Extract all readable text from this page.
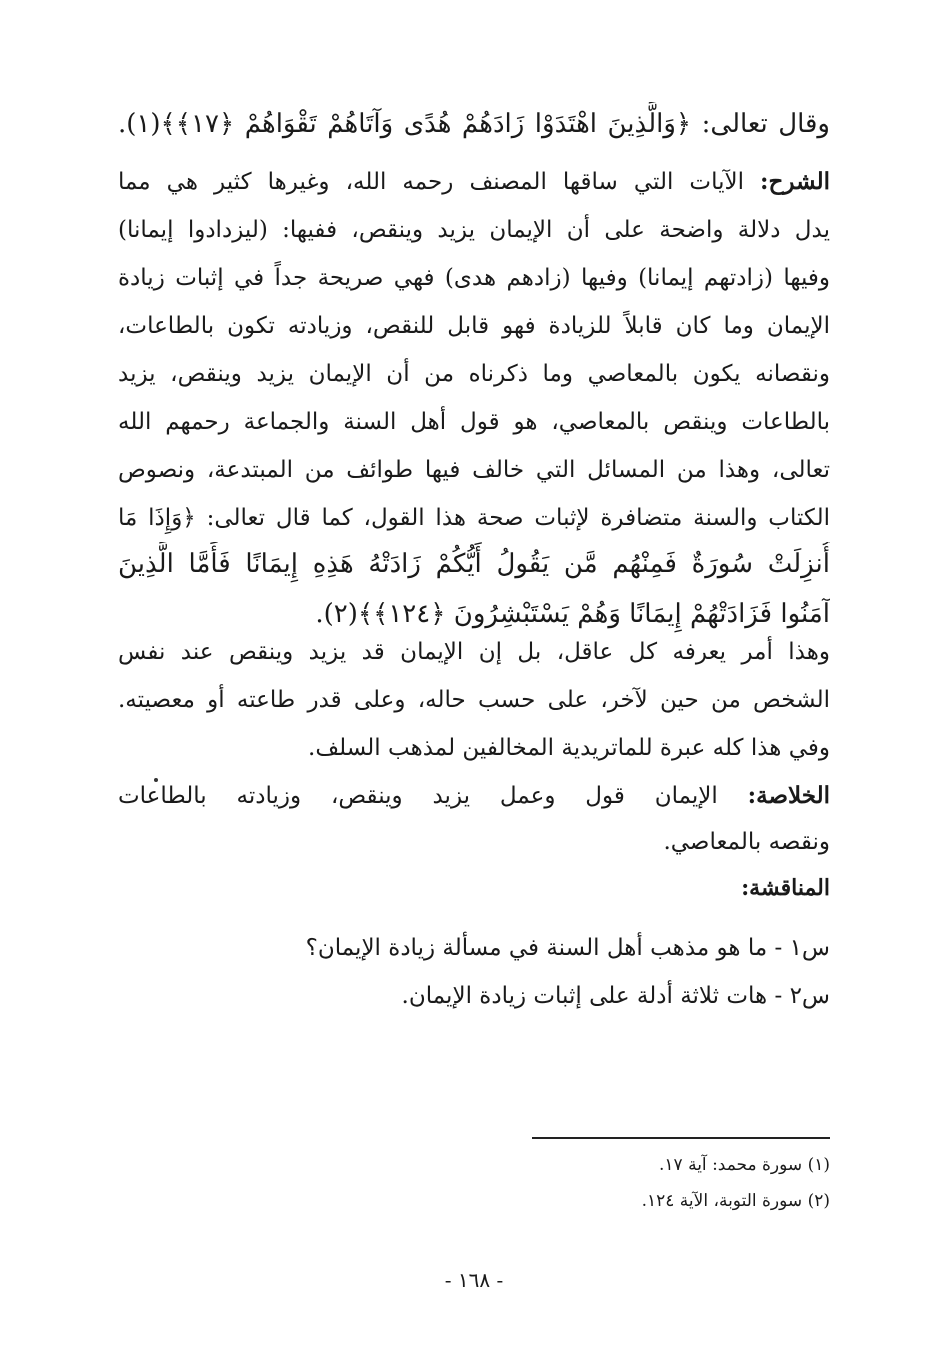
وقال تعالى: ﴿وَالَّذِينَ اهْتَدَوْا زَادَهُمْ هُدًى وَآتَاهُمْ تَقْوَاهُمْ ﴿١٧﴾﴾(١).
الشرح: الآيات التي ساقها المصنف رحمه الله، وغيرها كثير هي مما
يدل دلالة واضحة على أن الإيمان يزيد وينقص، ففيها: (ليزدادوا إيمانا)
وفيها (زادتهم إيمانا) وفيها (زادهم هدى) فهي صريحة جداً في إثبات زيادة
الإيمان وما كان قابلاً للزيادة فهو قابل للنقص، وزيادته تكون بالطاعات،
ونقصانه يكون بالمعاصي وما ذكرناه من أن الإيمان يزيد وينقص، يزيد
بالطاعات وينقص بالمعاصي، هو قول أهل السنة والجماعة رحمهم الله
تعالى، وهذا من المسائل التي خالف فيها طوائف من المبتدعة، ونصوص
الكتاب والسنة متضافرة لإثبات صحة هذا القول، كما قال تعالى: ﴿وَإِذَا مَا
أُنزِلَتْ سُورَةٌ فَمِنْهُم مَّن يَقُولُ أَيُّكُمْ زَادَتْهُ هَذِهِ إِيمَانًا فَأَمَّا الَّذِينَ
آمَنُوا فَزَادَتْهُمْ إِيمَانًا وَهُمْ يَسْتَبْشِرُونَ ﴿١٢٤﴾﴾(٢).
وهذا أمر يعرفه كل عاقل، بل إن الإيمان قد يزيد وينقص عند نفس
الشخص من حين لآخر، على حسب حاله، وعلى قدر طاعته أو معصيته.
وفي هذا كله عبرة للماتريدية المخالفين لمذهب السلف.
الخلاصة: الإيمان قول وعمل يزيد وينقص، وزيادته بالطاعات
ونقصه بالمعاصي.
المناقشة:
س١ - ما هو مذهب أهل السنة في مسألة زيادة الإيمان؟
س٢ - هات ثلاثة أدلة على إثبات زيادة الإيمان.
(١) سورة محمد: آية ١٧.
(٢) سورة التوبة، الآية ١٢٤.
- ١٦٨ -
